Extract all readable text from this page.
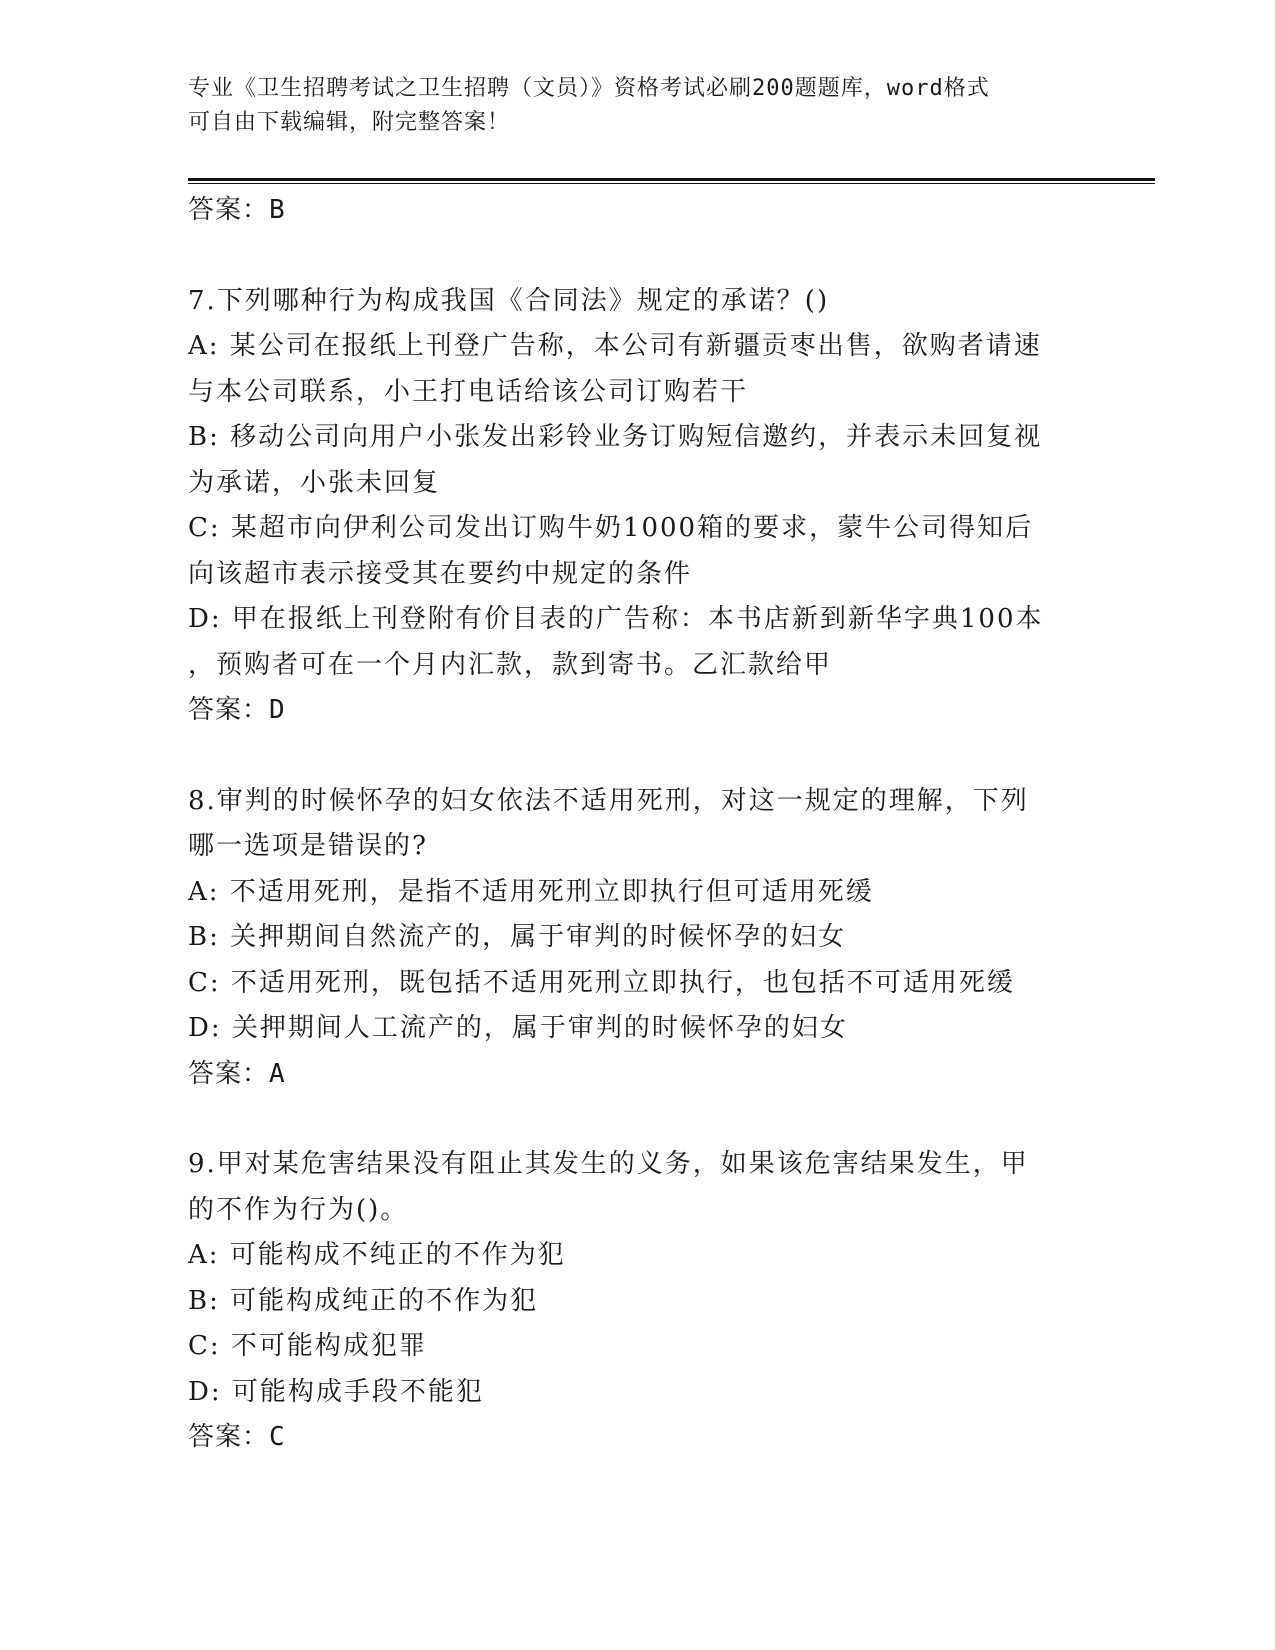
专业《卫生招聘考试之卫生招聘（文员）》资格考试必刷200题题库，word格式
可自由下载编辑，附完整答案！
答案：B
7.下列哪种行为构成我国《合同法》规定的承诺？()
A: 某公司在报纸上刊登广告称，本公司有新疆贡枣出售，欲购者请速
与本公司联系，小王打电话给该公司订购若干
B: 移动公司向用户小张发出彩铃业务订购短信邀约，并表示未回复视
为承诺，小张未回复
C: 某超市向伊利公司发出订购牛奶1000箱的要求，蒙牛公司得知后
向该超市表示接受其在要约中规定的条件
D: 甲在报纸上刊登附有价目表的广告称：本书店新到新华字典100本
，预购者可在一个月内汇款，款到寄书。乙汇款给甲
答案：D
8.审判的时候怀孕的妇女依法不适用死刑，对这一规定的理解，下列
哪一选项是错误的?
A: 不适用死刑，是指不适用死刑立即执行但可适用死缓
B: 关押期间自然流产的，属于审判的时候怀孕的妇女
C: 不适用死刑，既包括不适用死刑立即执行，也包括不可适用死缓
D: 关押期间人工流产的，属于审判的时候怀孕的妇女
答案：A
9.甲对某危害结果没有阻止其发生的义务，如果该危害结果发生，甲
的不作为行为()。
A: 可能构成不纯正的不作为犯
B: 可能构成纯正的不作为犯
C: 不可能构成犯罪
D: 可能构成手段不能犯
答案：C
